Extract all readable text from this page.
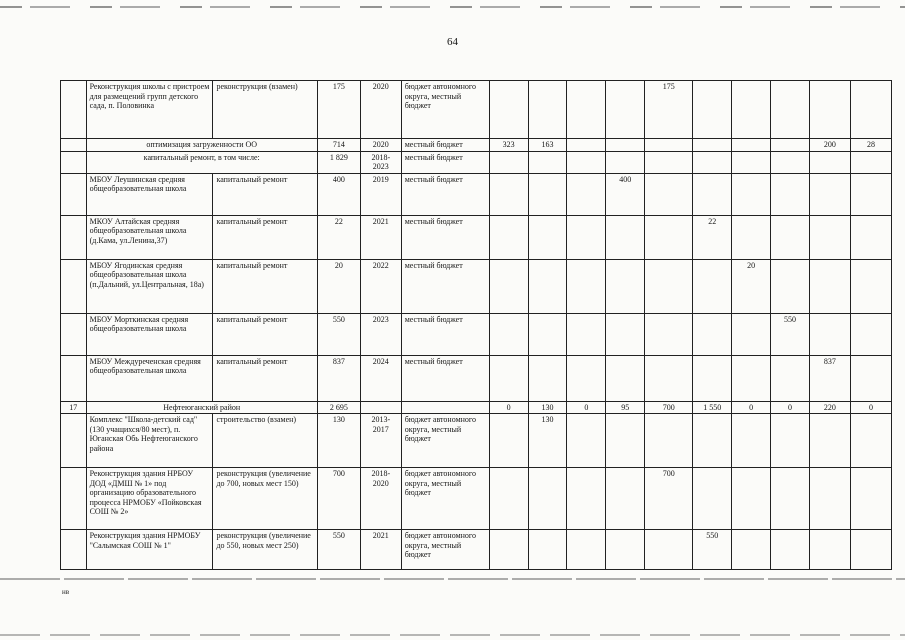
64
	Реконструкция школы с пристроем для размещений групп детского сада, п. Половинка	реконструкция (взамен)	175	2020	бюджет автономного округа, местный бюджет					175					
	оптимизация загруженности ОО		714	2020	местный бюджет	323	163							200	28
	капитальный ремонт, в том числе:		1 829	2018-2023	местный бюджет										
	МБОУ Леушинская средняя общеобразовательная школа	капитальный ремонт	400	2019	местный бюджет				400						
	МКОУ Алтайская средняя общеобразовательная школа (д.Кама, ул.Ленина,37)	капитальный ремонт	22	2021	местный бюджет						22				
	МБОУ Ягодинская средняя общеобразовательная школа (п.Дальний, ул.Центральная, 18а)	капитальный ремонт	20	2022	местный бюджет							20			
	МБОУ Морткинская средняя общеобразовательная школа	капитальный ремонт	550	2023	местный бюджет								550		
	МБОУ Междуреченская средняя общеобразовательная школа	капитальный ремонт	837	2024	местный бюджет									837	
17	Нефтеюганский район		2 695			0	130	0	95	700	1 550	0	0	220	0
	Комплекс "Школа-детский сад" (130 учащихся/80 мест), п. Юганская Обь Нефтеюганского района	строительство (взамен)	130	2013-2017	бюджет автономного округа, местный бюджет		130								
	Реконструкция здания НРБОУ ДОД «ДМШ № 1» под организацию образовательного процесса НРМОБУ «Пойковская СОШ № 2»	реконструкция (увеличение до 700, новых мест 150)	700	2018-2020	бюджет автономного округа, местный бюджет					700					
	Реконструкция здания НРМОБУ "Салымская СОШ № 1"	реконструкция (увеличение до 550, новых мест 250)	550	2021	бюджет автономного округа, местный бюджет						550				
нв
